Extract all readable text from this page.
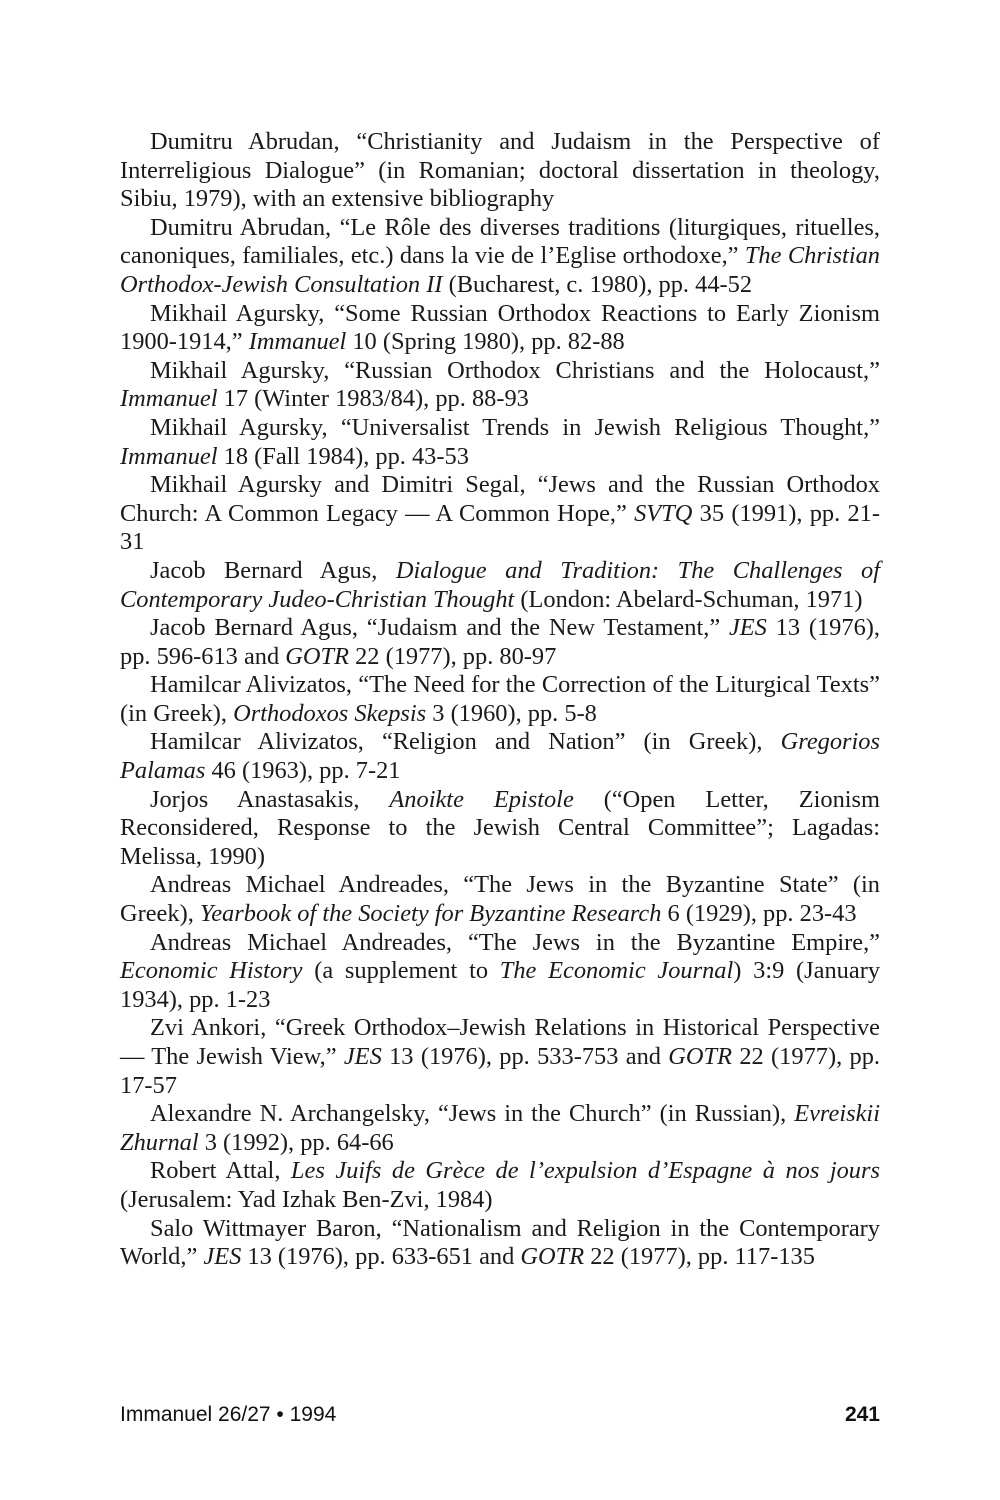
Dumitru Abrudan, “Christianity and Judaism in the Perspective of Interreligious Dialogue” (in Romanian; doctoral dissertation in theology, Sibiu, 1979), with an extensive bibliography

Dumitru Abrudan, “Le Rôle des diverses traditions (liturgiques, rituelles, canoniques, familiales, etc.) dans la vie de l’Eglise orthodoxe,” The Christian Orthodox-Jewish Consultation II (Bucharest, c. 1980), pp. 44-52

Mikhail Agursky, “Some Russian Orthodox Reactions to Early Zionism 1900-1914,” Immanuel 10 (Spring 1980), pp. 82-88

Mikhail Agursky, “Russian Orthodox Christians and the Holocaust,” Immanuel 17 (Winter 1983/84), pp. 88-93

Mikhail Agursky, “Universalist Trends in Jewish Religious Thought,” Immanuel 18 (Fall 1984), pp. 43-53

Mikhail Agursky and Dimitri Segal, “Jews and the Russian Orthodox Church: A Common Legacy — A Common Hope,” SVTQ 35 (1991), pp. 21-31

Jacob Bernard Agus, Dialogue and Tradition: The Challenges of Contemporary Judeo-Christian Thought (London: Abelard-Schuman, 1971)

Jacob Bernard Agus, “Judaism and the New Testament,” JES 13 (1976), pp. 596-613 and GOTR 22 (1977), pp. 80-97

Hamilcar Alivizatos, “The Need for the Correction of the Liturgical Texts” (in Greek), Orthodoxos Skepsis 3 (1960), pp. 5-8

Hamilcar Alivizatos, “Religion and Nation” (in Greek), Gregorios Palamas 46 (1963), pp. 7-21

Jorjos Anastasakis, Anoikte Epistole (“Open Letter, Zionism Reconsidered, Response to the Jewish Central Committee”; Lagadas: Melissa, 1990)

Andreas Michael Andreades, “The Jews in the Byzantine State” (in Greek), Yearbook of the Society for Byzantine Research 6 (1929), pp. 23-43

Andreas Michael Andreades, “The Jews in the Byzantine Empire,” Economic History (a supplement to The Economic Journal) 3:9 (January 1934), pp. 1-23

Zvi Ankori, “Greek Orthodox–Jewish Relations in Historical Perspective — The Jewish View,” JES 13 (1976), pp. 533-753 and GOTR 22 (1977), pp. 17-57

Alexandre N. Archangelsky, “Jews in the Church” (in Russian), Evreiskii Zhurnal 3 (1992), pp. 64-66

Robert Attal, Les Juifs de Grèce de l’expulsion d’Espagne à nos jours (Jerusalem: Yad Izhak Ben-Zvi, 1984)

Salo Wittmayer Baron, “Nationalism and Religion in the Contemporary World,” JES 13 (1976), pp. 633-651 and GOTR 22 (1977), pp. 117-135

Immanuel 26/27 • 1994	241
